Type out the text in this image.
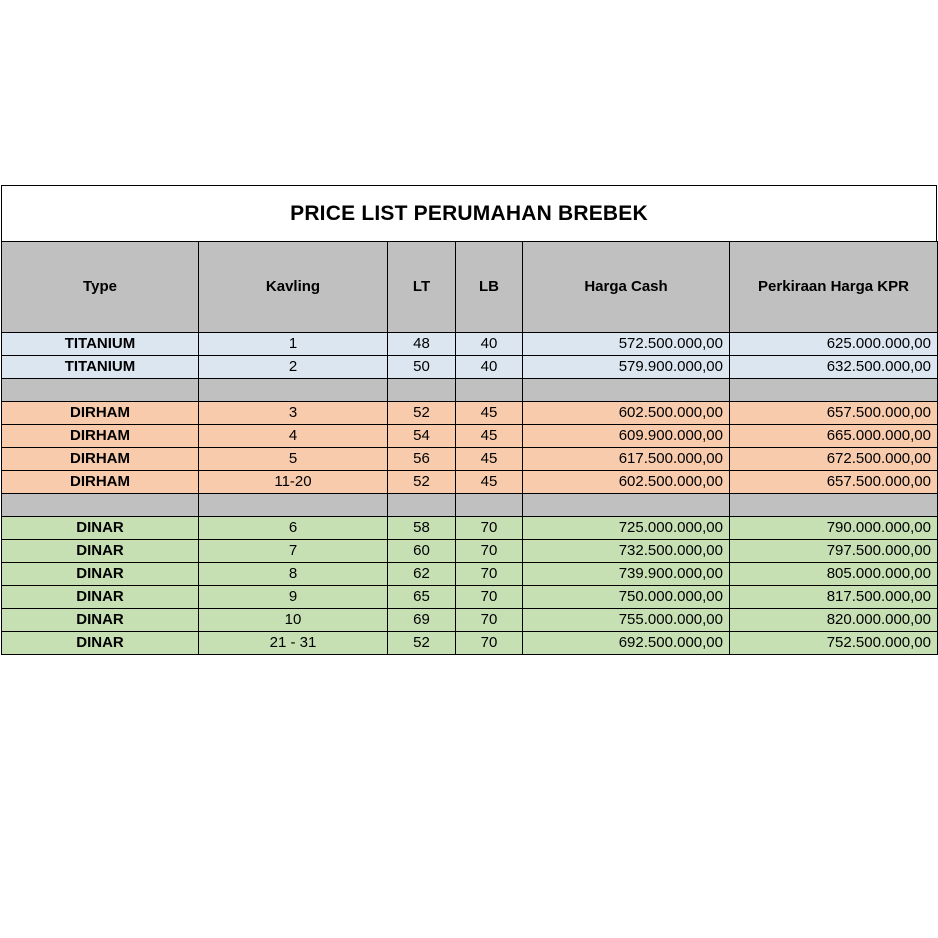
PRICE LIST PERUMAHAN BREBEK
Type	Kavling	LT	LB	Harga Cash	Perkiraan Harga KPR
TITANIUM	1	48	40	572.500.000,00	625.000.000,00
TITANIUM	2	50	40	579.900.000,00	632.500.000,00

DIRHAM	3	52	45	602.500.000,00	657.500.000,00
DIRHAM	4	54	45	609.900.000,00	665.000.000,00
DIRHAM	5	56	45	617.500.000,00	672.500.000,00
DIRHAM	11-20	52	45	602.500.000,00	657.500.000,00

DINAR	6	58	70	725.000.000,00	790.000.000,00
DINAR	7	60	70	732.500.000,00	797.500.000,00
DINAR	8	62	70	739.900.000,00	805.000.000,00
DINAR	9	65	70	750.000.000,00	817.500.000,00
DINAR	10	69	70	755.000.000,00	820.000.000,00
DINAR	21 - 31	52	70	692.500.000,00	752.500.000,00
